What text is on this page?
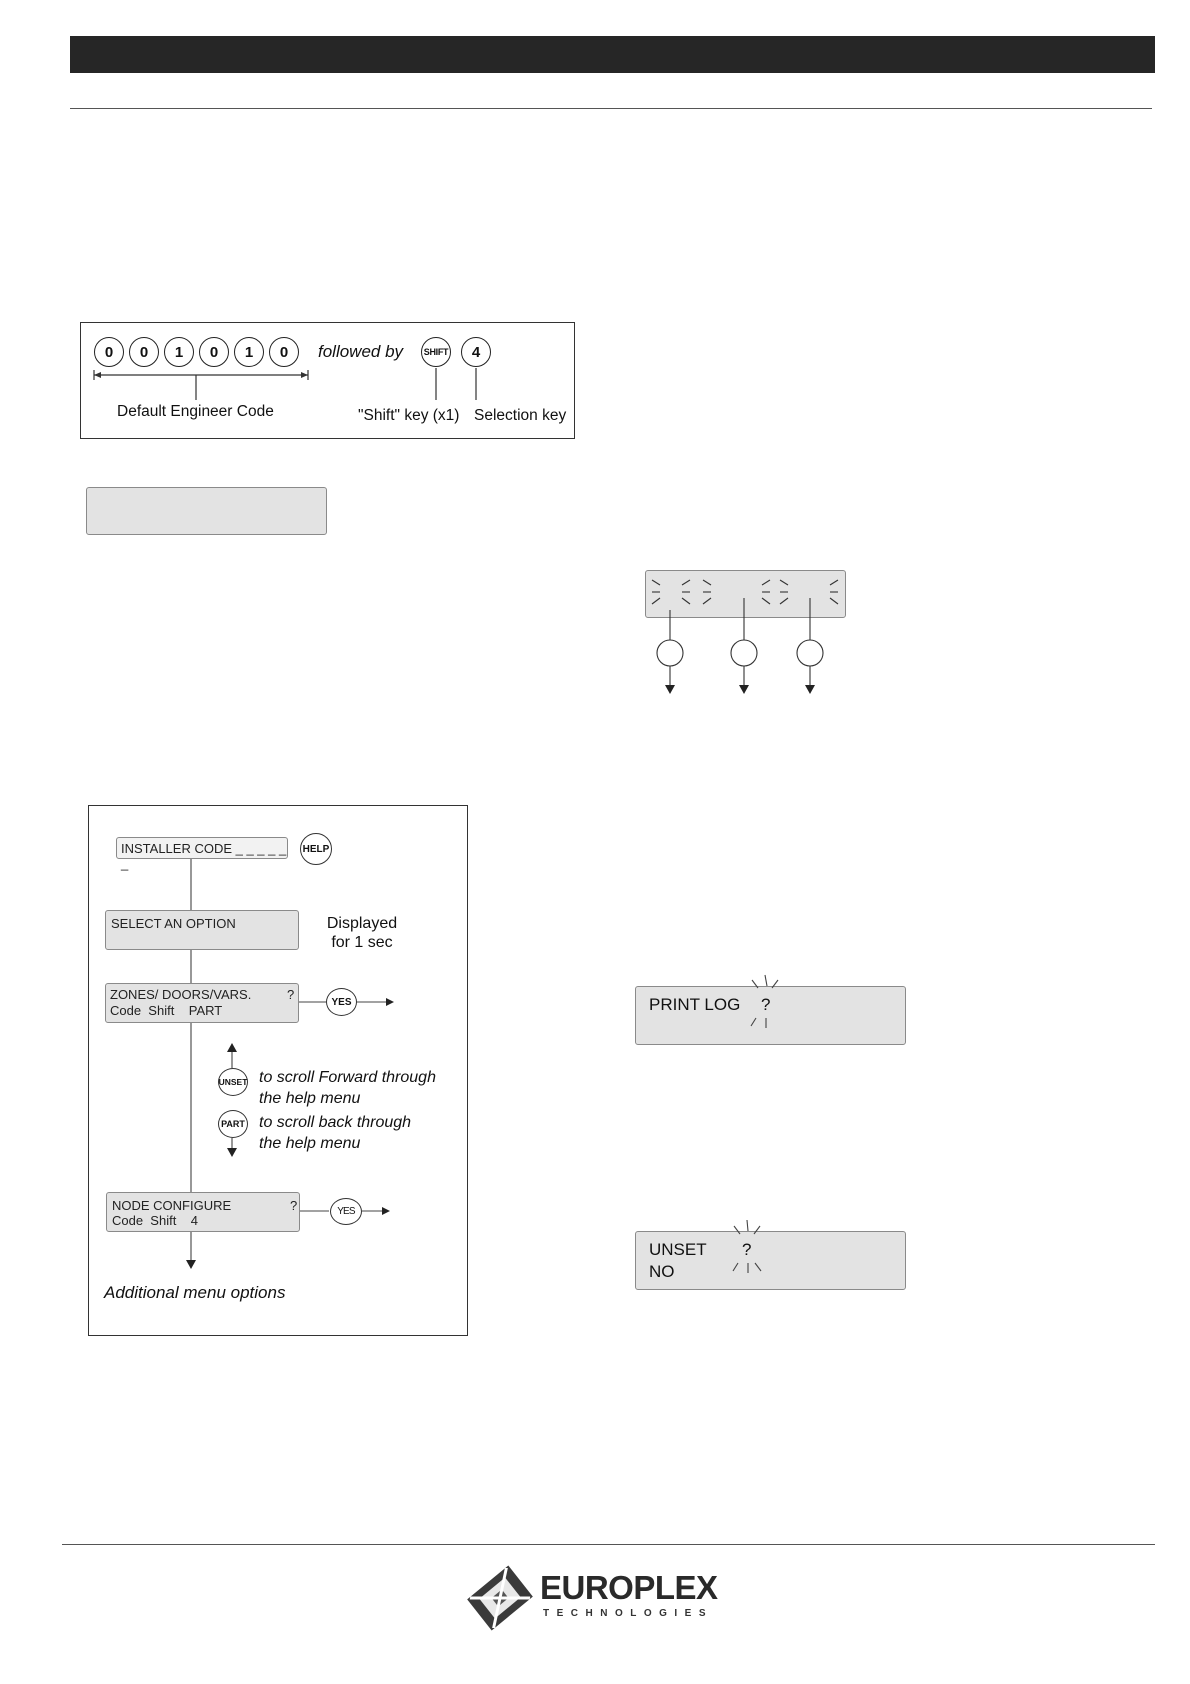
0	0	1	0	1	0	followed by	SHIFT	4
Default Engineer Code	"Shift" key (x1) Selection key
INSTALLER CODE _ _ _ _ _ _
HELP
SELECT AN OPTION	Displayed
for 1 sec
ZONES/ DOORS/VARS.
Code  Shift    PART
?	YES
UNSET to scroll Forward through
the help menu
PART to scroll back through
the help menu
NODE CONFIGURE
Code  Shift    4
?	YES
Additional menu options
PRINT LOG ?
UNSET
NO
?
EUROPLEX
TECHNOLOGIES
